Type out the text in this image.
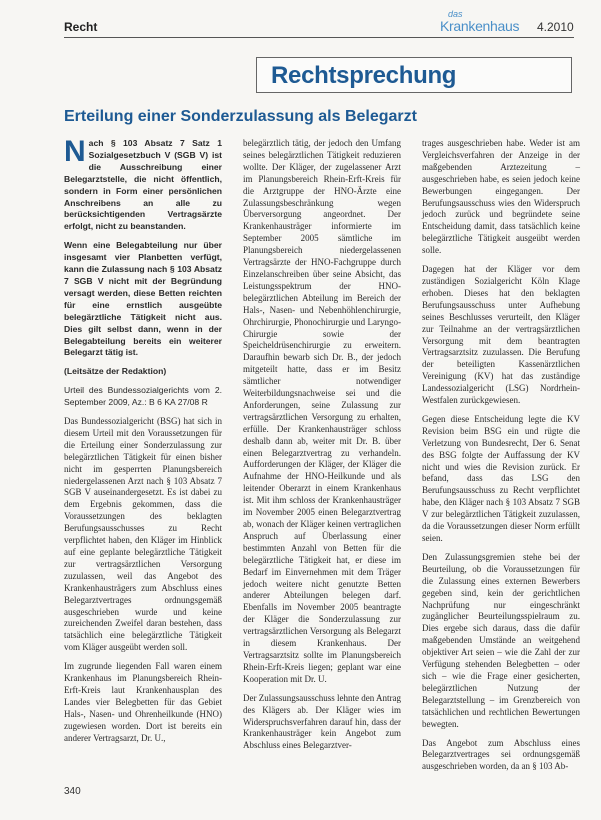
Recht
das
Krankenhaus 4.2010
Rechtsprechung
Erteilung einer Sonderzulassung als Belegarzt

Nach § 103 Absatz 7 Satz 1 Sozialgesetzbuch V (SGB V) ist die Ausschreibung einer Belegarztstelle, die nicht öffentlich, sondern in Form einer persönlichen Anschreibens an alle zu berücksichtigenden Vertragsärzte erfolgt, nicht zu beanstanden.

Wenn eine Belegabteilung nur über insgesamt vier Planbetten verfügt, kann die Zulassung nach § 103 Absatz 7 SGB V nicht mit der Begründung versagt werden, diese Betten reichten für eine ernstlich ausgeübte belegärztliche Tätigkeit nicht aus. Dies gilt selbst dann, wenn in der Belegabteilung bereits ein weiterer Belegarzt tätig ist.

(Leitsätze der Redaktion)

Urteil des Bundessozialgerichts vom 2. September 2009, Az.: B 6 KA 27/08 R

Das Bundessozialgericht (BSG) hat sich in diesem Urteil mit den Voraussetzungen für die Erteilung einer Sonderzulassung zur belegärztlichen Tätigkeit für einen bisher nicht im gesperrten Planungsbereich niedergelassenen Arzt nach § 103 Absatz 7 SGB V auseinandergesetzt. Es ist dabei zu dem Ergebnis gekommen, dass die Voraussetzungen des beklagten Berufungsausschusses zu Recht verpflichtet haben, den Kläger im Hinblick auf eine geplante belegärztliche Tätigkeit zur vertragsärztlichen Versorgung zuzulassen, weil das Angebot des Krankenhausträgers zum Abschluss eines Belegarztvertrages ordnungsgemäß ausgeschrieben wurde und keine zureichenden Zweifel daran bestehen, dass tatsächlich eine belegärztliche Tätigkeit vom Kläger ausgeübt werden soll.

Im zugrunde liegenden Fall waren einem Krankenhaus im Planungsbereich Rhein-Erft-Kreis laut Krankenhausplan des Landes vier Belegbetten für das Gebiet Hals-, Nasen- und Ohrenheilkunde (HNO) zugewiesen worden. Dort ist bereits ein anderer Vertragsarzt, Dr. U.,

belegärztlich tätig, der jedoch den Umfang seines belegärztlichen Tätigkeit reduzieren wollte. Der Kläger, der zugelassener Arzt im Planungsbereich Rhein-Erft-Kreis für die Arztgruppe der HNO-Ärzte eine Zulassungsbeschränkung wegen Überversorgung angeordnet. Der Krankenhausträger informierte im September 2005 sämtliche im Planungsbereich niedergelassenen Vertragsärzte der HNO-Fachgruppe durch Einzelanschreiben über seine Absicht, das Leistungsspektrum der HNO-belegärztlichen Abteilung im Bereich der Hals-, Nasen- und Nebenhöhlenchirurgie, Ohrchirurgie, Phonochirurgie und Laryngo-Chirurgie sowie der Speicheldrüsenchirurgie zu erweitern. Daraufhin bewarb sich Dr. B., der jedoch mitgeteilt hatte, dass er im Besitz sämtlicher notwendiger Weiterbildungsnachweise sei und die Anforderungen, seine Zulassung zur vertragsärztlichen Versorgung zu erhalten, erfülle. Der Krankenhausträger schloss deshalb dann ab, weiter mit Dr. B. über einen Belegarztvertrag zu verhandeln. Aufforderungen der Kläger, der Kläger die Aufnahme der HNO-Heilkunde und als leitender Oberarzt in einem Krankenhaus ist. Mit ihm schloss der Krankenhausträger im November 2005 einen Belegarztvertrag ab, wonach der Kläger keinen vertraglichen Anspruch auf Überlassung einer bestimmten Anzahl von Betten für die belegärztliche Tätigkeit hat, er diese im Bedarf im Einvernehmen mit dem Träger jedoch weitere nicht genutzte Betten anderer Abteilungen belegen darf. Ebenfalls im November 2005 beantragte der Kläger die Sonderzulassung zur vertragsärztlichen Versorgung als Belegarzt in diesem Krankenhaus. Der Vertragsarztsitz sollte im Planungsbereich Rhein-Erft-Kreis liegen; geplant war eine Kooperation mit Dr. U.

Der Zulassungsausschuss lehnte den Antrag des Klägers ab. Der Kläger wies im Widerspruchsverfahren darauf hin, dass der Krankenhausträger kein Angebot zum Abschluss eines Belegarztver-

trages ausgeschrieben habe. Weder ist am Vergleichsverfahren der Anzeige in der maßgebenden Arztezeitung – ausgeschrieben habe, es seien jedoch keine Bewerbungen eingegangen. Der Berufungsausschuss wies den Widerspruch jedoch zurück und begründete seine Entscheidung damit, dass tatsächlich keine belegärztliche Tätigkeit ausgeübt werden solle.

Dagegen hat der Kläger vor dem zuständigen Sozialgericht Köln Klage erhoben. Dieses hat den beklagten Berufungsausschuss unter Aufhebung seines Beschlusses verurteilt, den Kläger zur Teilnahme an der vertragsärztlichen Versorgung mit dem beantragten Vertragsarztsitz zuzulassen. Die Berufung der beteiligten Kassenärztlichen Vereinigung (KV) hat das zuständige Landessozialgericht (LSG) Nordrhein-Westfalen zurückgewiesen.

Gegen diese Entscheidung legte die KV Revision beim BSG ein und rügte die Verletzung von Bundesrecht, Der 6. Senat des BSG folgte der Auffassung der KV nicht und wies die Revision zurück. Er befand, dass das LSG den Berufungsausschuss zu Recht verpflichtet habe, den Kläger nach § 103 Absatz 7 SGB V zur belegärztlichen Tätigkeit zuzulassen, da die Voraussetzungen dieser Norm erfüllt seien.

Den Zulassungsgremien stehe bei der Beurteilung, ob die Voraussetzungen für die Zulassung eines externen Bewerbers gegeben sind, kein der gerichtlichen Nachprüfung nur eingeschränkt zugänglicher Beurteilungsspielraum zu. Dies ergebe sich daraus, dass die dafür maßgebenden Umstände an weitgehend objektiver Art seien – wie die Zahl der zur Verfügung stehenden Belegbetten – oder sich – wie die Frage einer gesicherten, belegärztlichen Nutzung der Belegarztstellung – im Grenzbereich von tatsächlichen und rechtlichen Bewertungen bewegten.

Das Angebot zum Abschluss eines Belegarztvertrages sei ordnungsgemäß ausgeschrieben worden, da an § 103 Ab-

340
